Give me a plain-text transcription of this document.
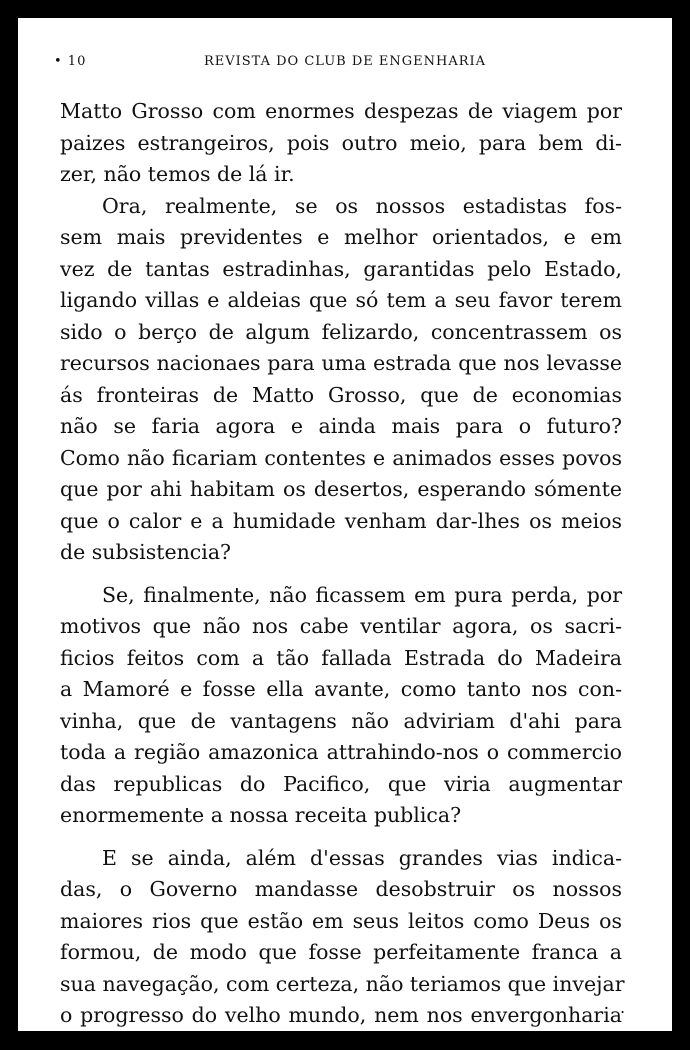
• 10	REVISTA DO CLUB DE ENGENHARIA
Matto Grosso com enormes despezas de viagem por
paizes estrangeiros, pois outro meio, para bem di-
zer, não temos de lá ir.
Ora, realmente, se os nossos estadistas fos-
sem mais previdentes e melhor orientados, e em
vez de tantas estradinhas, garantidas pelo Estado,
ligando villas e aldeias que só tem a seu favor terem
sido o berço de algum felizardo, concentrassem os
recursos nacionaes para uma estrada que nos levasse
ás fronteiras de Matto Grosso, que de economias
não se faria agora e ainda mais para o futuro?
Como não ficariam contentes e animados esses povos
que por ahi habitam os desertos, esperando sómente
que o calor e a humidade venham dar-lhes os meios
de subsistencia?
Se, finalmente, não ficassem em pura perda, por
motivos que não nos cabe ventilar agora, os sacri-
ficios feitos com a tão fallada Estrada do Madeira
a Mamoré e fosse ella avante, como tanto nos con-
vinha, que de vantagens não adviriam d'ahi para
toda a região amazonica attrahindo-nos o commercio
das republicas do Pacifico, que viria augmentar
enormemente a nossa receita publica?
E se ainda, além d'essas grandes vias indica-
das, o Governo mandasse desobstruir os nossos
maiores rios que estão em seus leitos como Deus os
formou, de modo que fosse perfeitamente franca a
sua navegação, com certeza, não teriamos que invejar
o progresso do velho mundo, nem nos envergonharia
.
